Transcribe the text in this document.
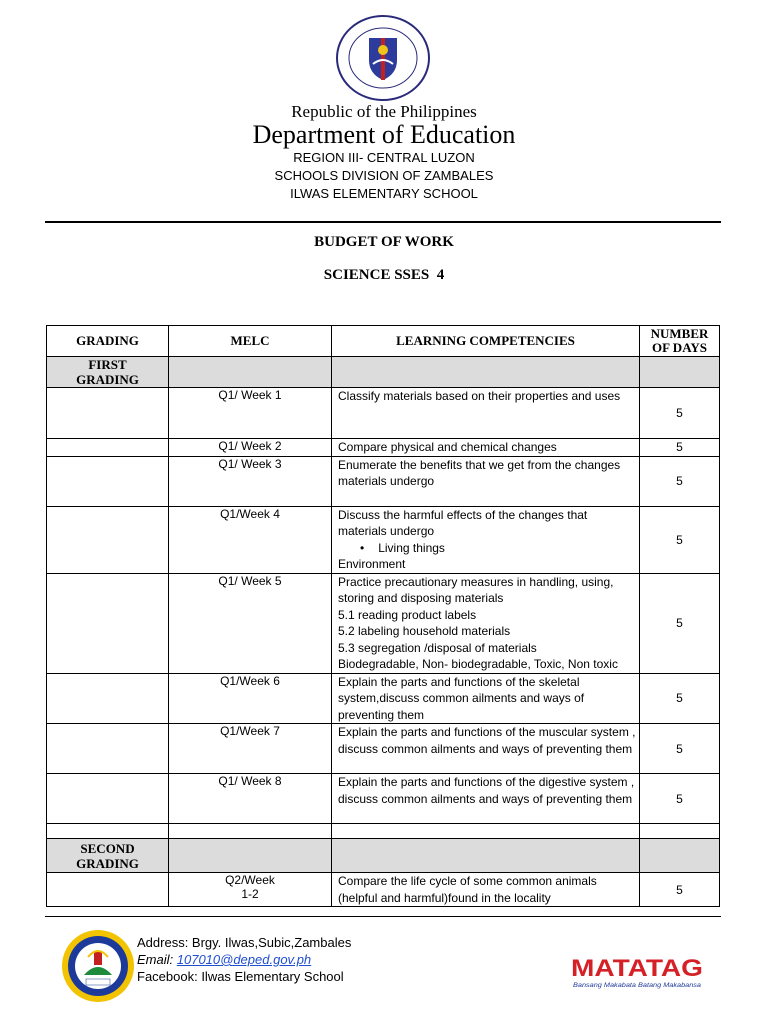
Republic of the Philippines
Department of Education
REGION III- CENTRAL LUZON
SCHOOLS DIVISION OF ZAMBALES
ILWAS ELEMENTARY SCHOOL
BUDGET OF WORK
SCIENCE SSES  4
GRADING	MELC	LEARNING COMPETENCIES	NUMBER
OF DAYS
FIRST
GRADING			
	Q1/ Week 1	Classify materials based on their properties and uses	5
	Q1/ Week 2	Compare physical and chemical changes	5
	Q1/ Week 3	Enumerate the benefits that we get from the changes materials undergo	5
	Q1/Week 4	Discuss the harmful effects of the changes that materials undergo
• Living things
Environment	5
	Q1/ Week 5	Practice precautionary measures in handling, using, storing and disposing materials
5.1 reading product labels
5.2 labeling household materials
5.3 segregation /disposal of materials
Biodegradable, Non- biodegradable, Toxic, Non toxic	5
	Q1/Week 6	Explain the parts and functions of the skeletal system,discuss common ailments and ways of preventing them	5
	Q1/Week 7	Explain the parts and functions of the muscular system , discuss common ailments and ways of preventing them	5
	Q1/ Week 8	Explain the parts and functions of the digestive system , discuss common ailments and ways of preventing them	5

SECOND
GRADING			
	Q2/Week
1-2	Compare the life cycle of some common animals (helpful and harmful)found in the locality	5
Address: Brgy. Ilwas,Subic,Zambales
Email: 107010@deped.gov.ph
Facebook: Ilwas Elementary School	MATATAG
Bansang Makabata Batang Makabansa
